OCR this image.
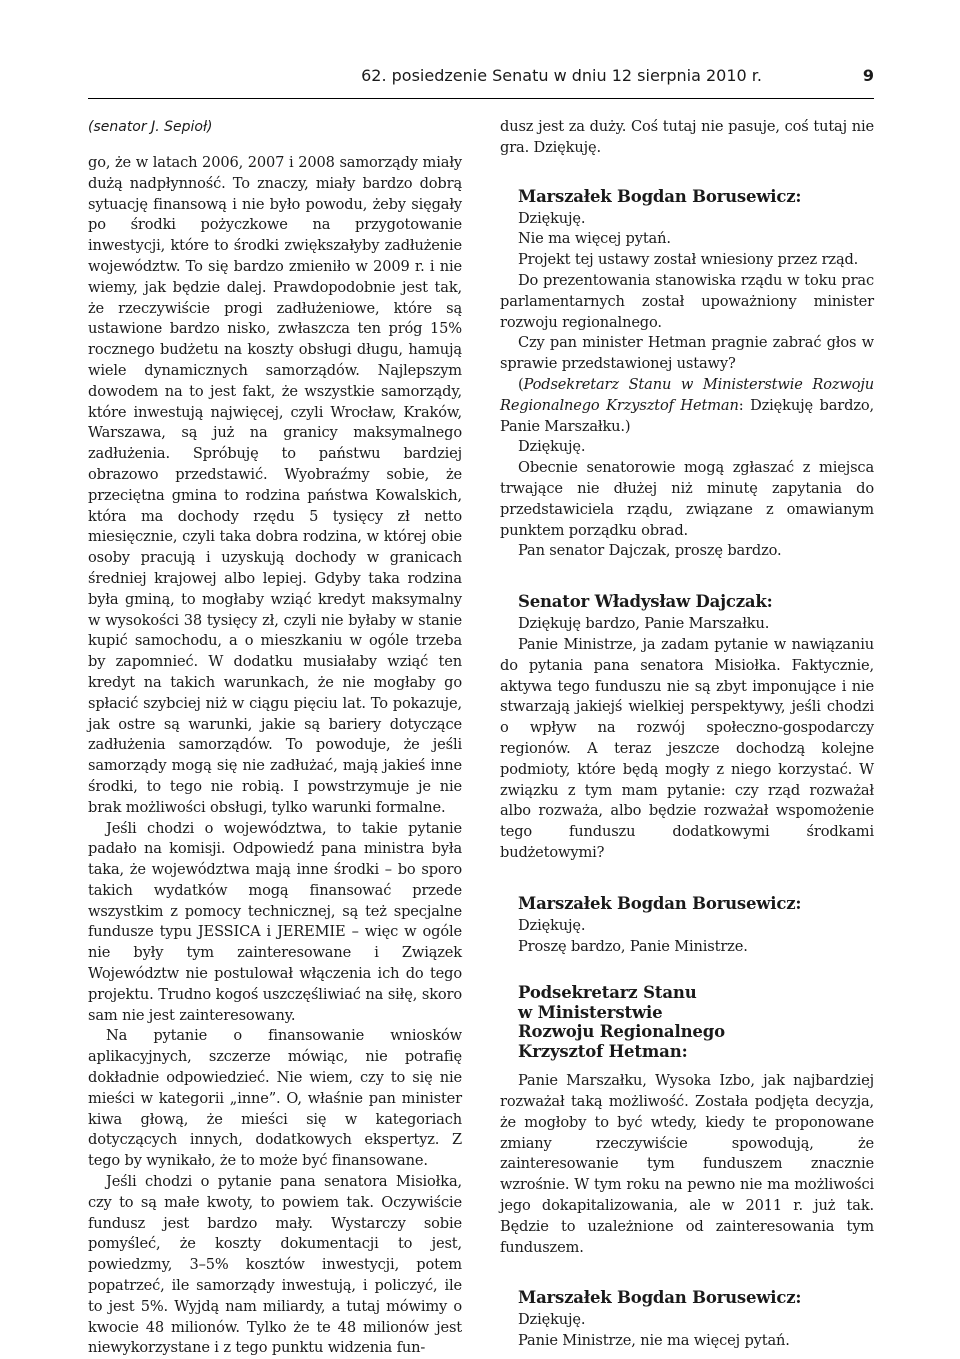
62. posiedzenie Senatu w dniu 12 sierpnia 2010 r.	9
(senator J. Sepioł)

go, że w latach 2006, 2007 i 2008 samorządy miały dużą nadpłynność. To znaczy, miały bardzo dobrą sytuację finansową i nie było powodu, żeby sięgały po środki pożyczkowe na przygotowanie inwestycji, które to środki zwiększałyby zadłużenie województw. To się bardzo zmieniło w 2009 r. i nie wiemy, jak będzie dalej. Prawdopodobnie jest tak, że rzeczywiście progi zadłużeniowe, które są ustawione bardzo nisko, zwłaszcza ten próg 15% rocznego budżetu na koszty obsługi długu, hamują wiele dynamicznych samorządów. Najlepszym dowodem na to jest fakt, że wszystkie samorządy, które inwestują najwięcej, czyli Wrocław, Kraków, Warszawa, są już na granicy maksymalnego zadłużenia. Spróbuję to państwu bardziej obrazowo przedstawić. Wyobraźmy sobie, że przeciętna gmina to rodzina państwa Kowalskich, która ma dochody rzędu 5 tysięcy zł netto miesięcznie, czyli taka dobra rodzina, w której obie osoby pracują i uzyskują dochody w granicach średniej krajowej albo lepiej. Gdyby taka rodzina była gminą, to mogłaby wziąć kredyt maksymalny w wysokości 38 tysięcy zł, czyli nie byłaby w stanie kupić samochodu, a o mieszkaniu w ogóle trzeba by zapomnieć. W dodatku musiałaby wziąć ten kredyt na takich warunkach, że nie mogłaby go spłacić szybciej niż w ciągu pięciu lat. To pokazuje, jak ostre są warunki, jakie są bariery dotyczące zadłużenia samorządów. To powoduje, że jeśli samorządy mogą się nie zadłużać, mają jakieś inne środki, to tego nie robią. I powstrzymuje je nie brak możliwości obsługi, tylko warunki formalne.

Jeśli chodzi o województwa, to takie pytanie padało na komisji. Odpowiedź pana ministra była taka, że województwa mają inne środki – bo sporo takich wydatków mogą finansować przede wszystkim z pomocy technicznej, są też specjalne fundusze typu JESSICA i JEREMIE – więc w ogóle nie były tym zainteresowane i Związek Województw nie postulował włączenia ich do tego projektu. Trudno kogoś uszczęśliwiać na siłę, skoro sam nie jest zainteresowany.

Na pytanie o finansowanie wniosków aplikacyjnych, szczerze mówiąc, nie potrafię dokładnie odpowiedzieć. Nie wiem, czy to się nie mieści w kategorii „inne”. O, właśnie pan minister kiwa głową, że mieści się w kategoriach dotyczących innych, dodatkowych ekspertyz. Z tego by wynikało, że to może być finansowane.

Jeśli chodzi o pytanie pana senatora Misiołka, czy to są małe kwoty, to powiem tak. Oczywiście fundusz jest bardzo mały. Wystarczy sobie pomyśleć, że koszty dokumentacji to jest, powiedzmy, 3–5% kosztów inwestycji, potem popatrzeć, ile samorządy inwestują, i policzyć, ile to jest 5%. Wyjdą nam miliardy, a tutaj mówimy o kwocie 48 milionów. Tylko że te 48 milionów jest niewykorzystane i z tego punktu widzenia fun-

dusz jest za duży. Coś tutaj nie pasuje, coś tutaj nie gra. Dziękuję.

Marszałek Bogdan Borusewicz:

Dziękuję.

Nie ma więcej pytań.

Projekt tej ustawy został wniesiony przez rząd.

Do prezentowania stanowiska rządu w toku prac parlamentarnych został upoważniony minister rozwoju regionalnego.

Czy pan minister Hetman pragnie zabrać głos w sprawie przedstawionej ustawy?

(Podsekretarz Stanu w Ministerstwie Rozwoju Regionalnego Krzysztof Hetman: Dziękuję bardzo, Panie Marszałku.)

Dziękuję.

Obecnie senatorowie mogą zgłaszać z miejsca trwające nie dłużej niż minutę zapytania do przedstawiciela rządu, związane z omawianym punktem porządku obrad.

Pan senator Dajczak, proszę bardzo.

Senator Władysław Dajczak:

Dziękuję bardzo, Panie Marszałku.

Panie Ministrze, ja zadam pytanie w nawiązaniu do pytania pana senatora Misiołka. Faktycznie, aktywa tego funduszu nie są zbyt imponujące i nie stwarzają jakiejś wielkiej perspektywy, jeśli chodzi o wpływ na rozwój społeczno-gospodarczy regionów. A teraz jeszcze dochodzą kolejne podmioty, które będą mogły z niego korzystać. W związku z tym mam pytanie: czy rząd rozważał albo rozważa, albo będzie rozważał wspomożenie tego funduszu dodatkowymi środkami budżetowymi?

Marszałek Bogdan Borusewicz:

Dziękuję.

Proszę bardzo, Panie Ministrze.

Podsekretarz Stanu
w Ministerstwie
Rozwoju Regionalnego
Krzysztof Hetman:

Panie Marszałku, Wysoka Izbo, jak najbardziej rozważał taką możliwość. Została podjęta decyzja, że mogłoby to być wtedy, kiedy te proponowane zmiany rzeczywiście spowodują, że zainteresowanie tym funduszem znacznie wzrośnie. W tym roku na pewno nie ma możliwości jego dokapitalizowania, ale w 2011 r. już tak. Będzie to uzależnione od zainteresowania tym funduszem.

Marszałek Bogdan Borusewicz:

Dziękuję.

Panie Ministrze, nie ma więcej pytań.
